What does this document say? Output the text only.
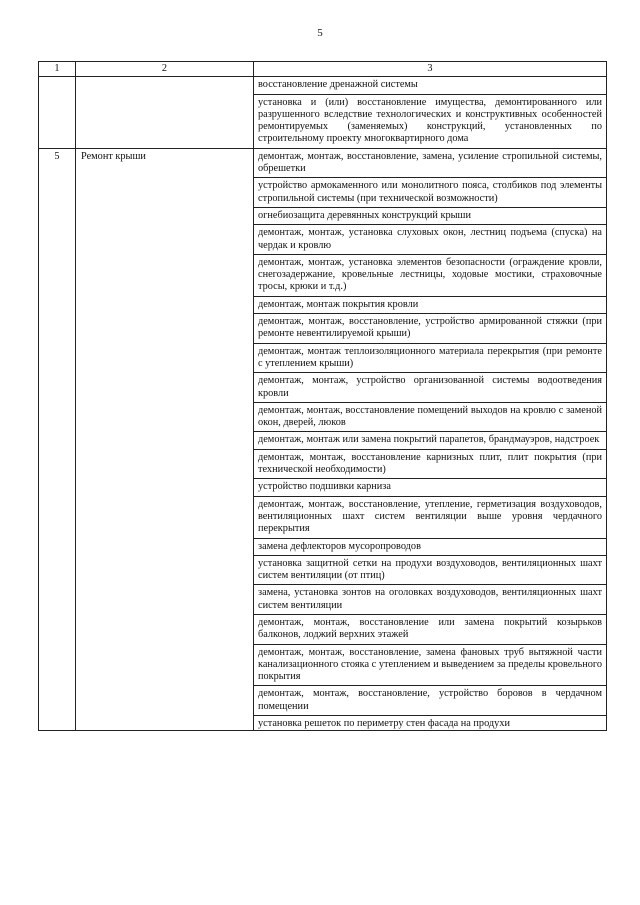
5
1	2	3
		восстановление дренажной системы
		установка и (или) восстановление имущества, демонтированного или разрушенного вследствие технологических и конструктивных особенностей ремонтируемых (заменяемых) конструкций, установленных по строительному проекту многоквартирного дома
5	Ремонт крыши	демонтаж, монтаж, восстановление, замена, усиление стропильной системы, обрешетки
		устройство армокаменного или монолитного пояса, столбиков под элементы стропильной системы (при технической возможности)
		огнебиозащита деревянных конструкций крыши
		демонтаж, монтаж, установка слуховых окон, лестниц подъема (спуска) на чердак и кровлю
		демонтаж, монтаж, установка элементов безопасности (ограждение кровли, снегозадержание, кровельные лестницы, ходовые мостики, страховочные тросы, крюки и т.д.)
		демонтаж, монтаж покрытия кровли
		демонтаж, монтаж, восстановление, устройство армированной стяжки (при ремонте невентилируемой крыши)
		демонтаж, монтаж теплоизоляционного материала перекрытия (при ремонте с утеплением крыши)
		демонтаж, монтаж, устройство организованной системы водоотведения кровли
		демонтаж, монтаж, восстановление помещений выходов на кровлю с заменой окон, дверей, люков
		демонтаж, монтаж или замена покрытий парапетов, брандмауэров, надстроек
		демонтаж, монтаж, восстановление карнизных плит, плит покрытия (при технической необходимости)
		устройство подшивки карниза
		демонтаж, монтаж, восстановление, утепление, герметизация воздуховодов, вентиляционных шахт систем вентиляции выше уровня чердачного перекрытия
		замена дефлекторов мусоропроводов
		установка защитной сетки на продухи воздуховодов, вентиляционных шахт систем вентиляции (от птиц)
		замена, установка зонтов на оголовках воздуховодов, вентиляционных шахт систем вентиляции
		демонтаж, монтаж, восстановление или замена покрытий козырьков балконов, лоджий верхних этажей
		демонтаж, монтаж, восстановление, замена фановых труб вытяжной части канализационного стояка с утеплением и выведением за пределы кровельного покрытия
		демонтаж, монтаж, восстановление, устройство боровов в чердачном помещении
		установка решеток по периметру стен фасада на продухи
